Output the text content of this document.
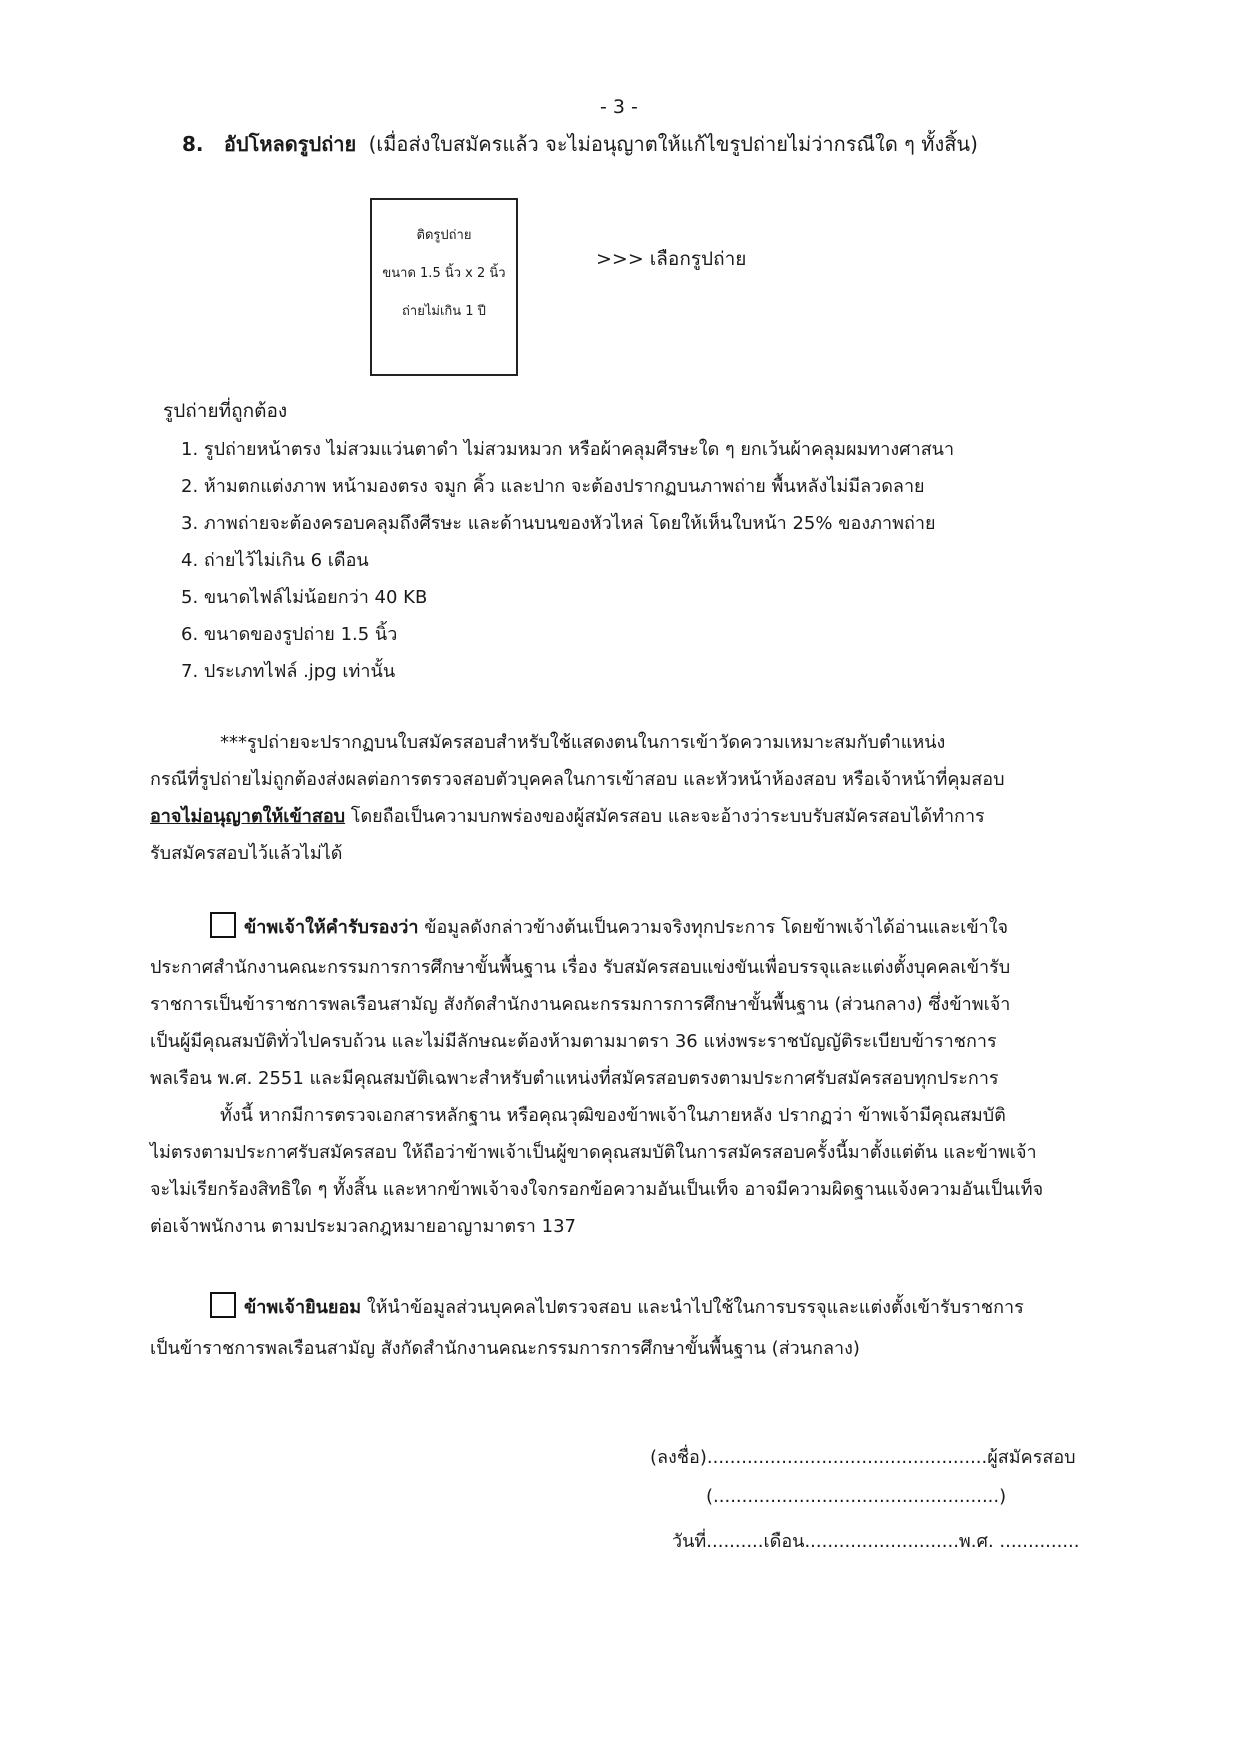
- 3 -
8. อัปโหลดรูปถ่าย (เมื่อส่งใบสมัครแล้ว จะไม่อนุญาตให้แก้ไขรูปถ่ายไม่ว่ากรณีใด ๆ ทั้งสิ้น)
ติดรูปถ่าย
ขนาด 1.5 นิ้ว x 2 นิ้ว
ถ่ายไม่เกิน 1 ปี
>>> เลือกรูปถ่าย
รูปถ่ายที่ถูกต้อง
1. รูปถ่ายหน้าตรง ไม่สวมแว่นตาดำ ไม่สวมหมวก หรือผ้าคลุมศีรษะใด ๆ ยกเว้นผ้าคลุมผมทางศาสนา
2. ห้ามตกแต่งภาพ หน้ามองตรง จมูก คิ้ว และปาก จะต้องปรากฏบนภาพถ่าย พื้นหลังไม่มีลวดลาย
3. ภาพถ่ายจะต้องครอบคลุมถึงศีรษะ และด้านบนของหัวไหล่ โดยให้เห็นใบหน้า 25% ของภาพถ่าย
4. ถ่ายไว้ไม่เกิน 6 เดือน
5. ขนาดไฟล์ไม่น้อยกว่า 40 KB
6. ขนาดของรูปถ่าย 1.5 นิ้ว
7. ประเภทไฟล์ .jpg เท่านั้น
***รูปถ่ายจะปรากฏบนใบสมัครสอบสำหรับใช้แสดงตนในการเข้าวัดความเหมาะสมกับตำแหน่ง
กรณีที่รูปถ่ายไม่ถูกต้องส่งผลต่อการตรวจสอบตัวบุคคลในการเข้าสอบ และหัวหน้าห้องสอบ หรือเจ้าหน้าที่คุมสอบ
อาจไม่อนุญาตให้เข้าสอบ โดยถือเป็นความบกพร่องของผู้สมัครสอบ และจะอ้างว่าระบบรับสมัครสอบได้ทำการ
รับสมัครสอบไว้แล้วไม่ได้
ข้าพเจ้าให้คำรับรองว่า ข้อมูลดังกล่าวข้างต้นเป็นความจริงทุกประการ โดยข้าพเจ้าได้อ่านและเข้าใจ
ประกาศสำนักงานคณะกรรมการการศึกษาขั้นพื้นฐาน เรื่อง รับสมัครสอบแข่งขันเพื่อบรรจุและแต่งตั้งบุคคลเข้ารับ
ราชการเป็นข้าราชการพลเรือนสามัญ สังกัดสำนักงานคณะกรรมการการศึกษาขั้นพื้นฐาน (ส่วนกลาง) ซึ่งข้าพเจ้า
เป็นผู้มีคุณสมบัติทั่วไปครบถ้วน และไม่มีลักษณะต้องห้ามตามมาตรา 36 แห่งพระราชบัญญัติระเบียบข้าราชการ
พลเรือน พ.ศ. 2551 และมีคุณสมบัติเฉพาะสำหรับตำแหน่งที่สมัครสอบตรงตามประกาศรับสมัครสอบทุกประการ
ทั้งนี้ หากมีการตรวจเอกสารหลักฐาน หรือคุณวุฒิของข้าพเจ้าในภายหลัง ปรากฏว่า ข้าพเจ้ามีคุณสมบัติ
ไม่ตรงตามประกาศรับสมัครสอบ ให้ถือว่าข้าพเจ้าเป็นผู้ขาดคุณสมบัติในการสมัครสอบครั้งนี้มาตั้งแต่ต้น และข้าพเจ้า
จะไม่เรียกร้องสิทธิใด ๆ ทั้งสิ้น และหากข้าพเจ้าจงใจกรอกข้อความอันเป็นเท็จ อาจมีความผิดฐานแจ้งความอันเป็นเท็จ
ต่อเจ้าพนักงาน ตามประมวลกฎหมายอาญามาตรา 137
ข้าพเจ้ายินยอม ให้นำข้อมูลส่วนบุคคลไปตรวจสอบ และนำไปใช้ในการบรรจุและแต่งตั้งเข้ารับราชการ
เป็นข้าราชการพลเรือนสามัญ สังกัดสำนักงานคณะกรรมการการศึกษาขั้นพื้นฐาน (ส่วนกลาง)
(ลงชื่อ).................................................ผู้สมัครสอบ
(..................................................)
วันที่..........เดือน...........................พ.ศ. ..............
